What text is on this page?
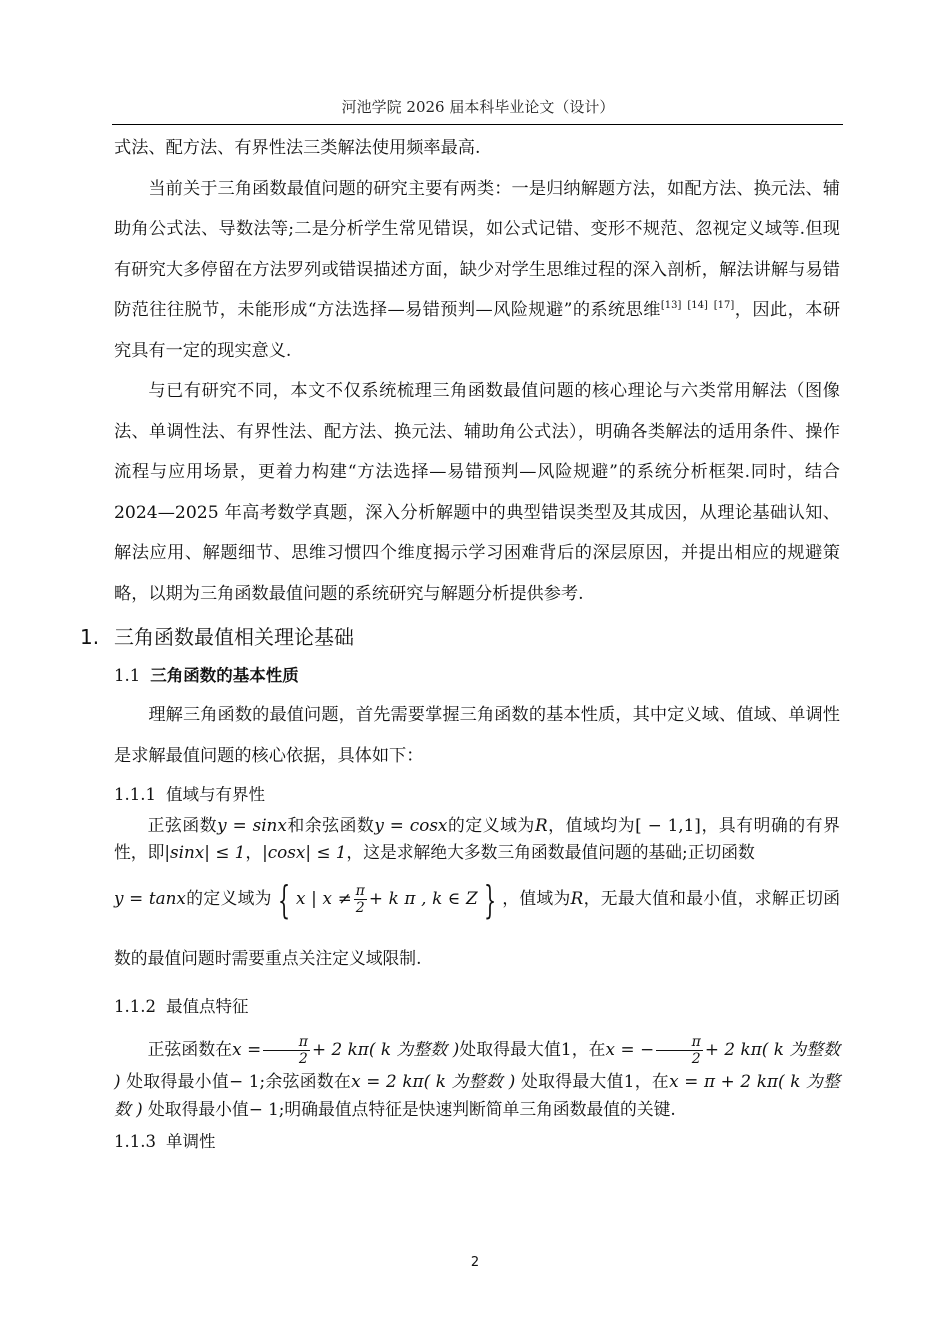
河池学院 2026 届本科毕业论文（设计）

式法、配方法、有界性法三类解法使用频率最高.

当前关于三角函数最值问题的研究主要有两类：一是归纳解题方法，如配方法、换元法、辅助角公式法、导数法等;二是分析学生常见错误，如公式记错、变形不规范、忽视定义域等.但现有研究大多停留在方法罗列或错误描述方面，缺少对学生思维过程的深入剖析，解法讲解与易错防范往往脱节，未能形成“方法选择—易错预判—风险规避”的系统思维[13] [14] [17]，因此，本研究具有一定的现实意义.

与已有研究不同，本文不仅系统梳理三角函数最值问题的核心理论与六类常用解法（图像法、单调性法、有界性法、配方法、换元法、辅助角公式法），明确各类解法的适用条件、操作流程与应用场景，更着力构建“方法选择—易错预判—风险规避”的系统分析框架.同时，结合 2024—2025 年高考数学真题，深入分析解题中的典型错误类型及其成因，从理论基础认知、解法应用、解题细节、思维习惯四个维度揭示学习困难背后的深层原因，并提出相应的规避策略，以期为三角函数最值问题的系统研究与解题分析提供参考.

1. 三角函数最值相关理论基础
1.1 三角函数的基本性质

理解三角函数的最值问题，首先需要掌握三角函数的基本性质，其中定义域、值域、单调性是求解最值问题的核心依据，具体如下：

1.1.1 值域与有界性

正弦函数y = sinx和余弦函数y = cosx的定义域为R，值域均为[ − 1,1]，具有明确的有界性，即|sinx| ≤ 1，|cosx| ≤ 1，这是求解绝大多数三角函数最值问题的基础;正切函数

y = tanx的定义域为 { x | $x \ne \frac{\pi}{2} + k$ π , k ∈ Z } ，值域为R，无最大值和最小值，求解正切函数的最值问题时需要重点关注定义域限制.

1.1.2 最值点特征

正弦函数在$x = \frac{\pi}{2} + 2$ kπ( k 为整数 )处取得最大值1，在x = − $\frac{\pi}{2} + 2$ kπ( k 为整数 ) 处取得最小值− 1;余弦函数在x = 2 kπ( k 为整数 ) 处取得最大值1，在x = π + 2 kπ( k 为整数 ) 处取得最小值− 1;明确最值点特征是快速判断简单三角函数最值的关键.

1.1.3 单调性
2
